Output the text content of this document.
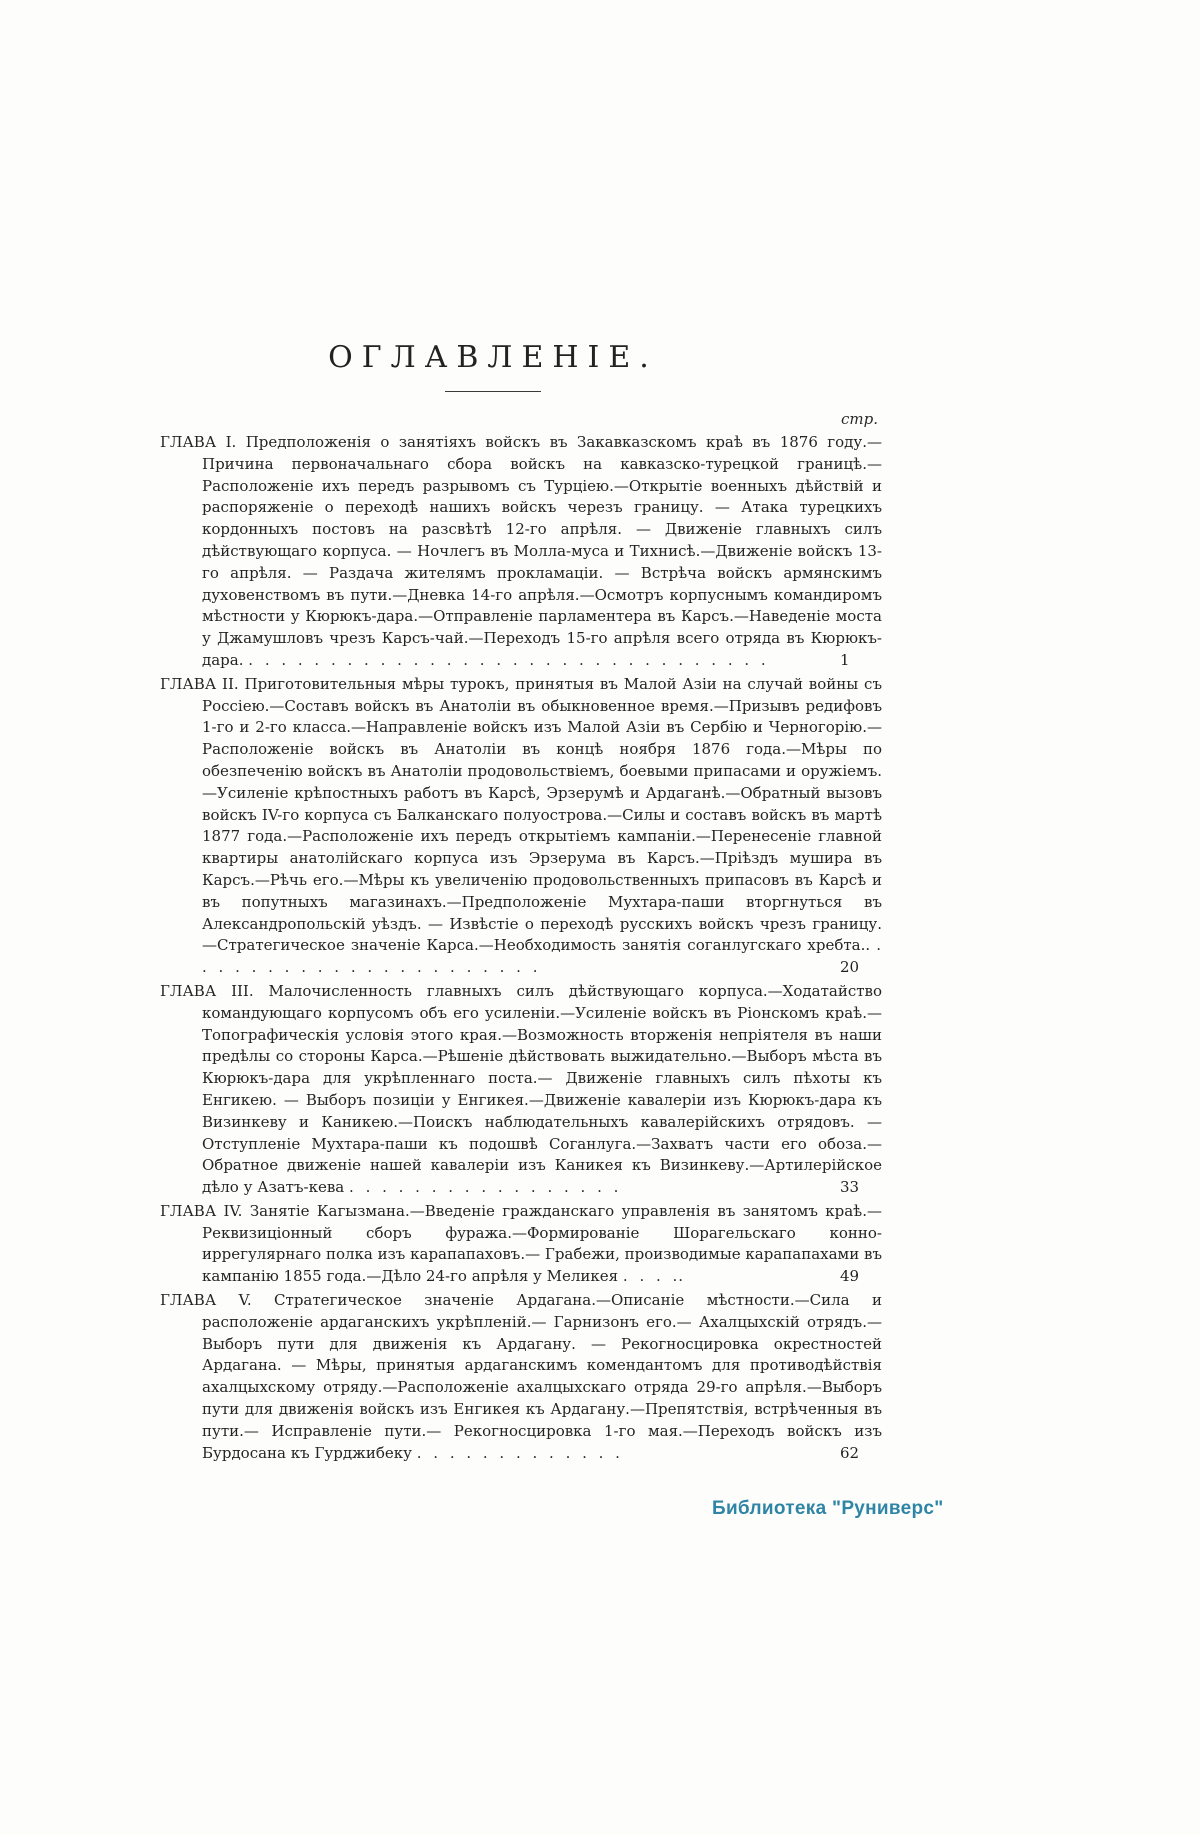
ОГЛАВЛЕНІЕ.
стр.

ГЛАВА I. Предположенія о занятіяхъ войскъ въ Закавказскомъ краѣ въ 1876 году.—Причина первоначальнаго сбора войскъ на кавказско-турецкой границѣ.—Расположеніе ихъ передъ разрывомъ съ Турціею.—Открытіе военныхъ дѣйствій и распоряженіе о переходѣ нашихъ войскъ черезъ границу. — Атака турецкихъ кордонныхъ постовъ на разсвѣтѣ 12-го апрѣля. — Движеніе главныхъ силъ дѣйствующаго корпуса. — Ночлегъ въ Молла-муса и Тихнисѣ.—Движеніе войскъ 13-го апрѣля. — Раздача жителямъ прокламаціи. — Встрѣча войскъ армянскимъ духовенствомъ въ пути.—Дневка 14-го апрѣля.—Осмотръ корпуснымъ командиромъ мѣстности у Кюрюкъ-дара.—Отправленіе парламентера въ Карсъ.—Наведеніе моста у Джамушловъ чрезъ Карсъ-чай.—Переходъ 15-го апрѣля всего отряда въ Кюрюкъ-дара. . . . . . . . . . . . . . . . . . . . . . . . . . . . . . . . .	1

ГЛАВА II. Приготовительныя мѣры турокъ, принятыя въ Малой Азіи на случай войны съ Россіею.—Составъ войскъ въ Анатоліи въ обыкновенное время.—Призывъ редифовъ 1-го и 2-го класса.—Направленіе войскъ изъ Малой Азіи въ Сербію и Черногорію.—Расположеніе войскъ въ Анатоліи въ концѣ ноября 1876 года.—Мѣры по обезпеченію войскъ въ Анатоліи продовольствіемъ, боевыми припасами и оружіемъ.—Усиленіе крѣпостныхъ работъ въ Карсѣ, Эрзерумѣ и Ардаганѣ.—Обратный вызовъ войскъ IV-го корпуса съ Балканскаго полуострова.—Силы и составъ войскъ въ мартѣ 1877 года.—Расположеніе ихъ передъ открытіемъ кампаніи.—Перенесеніе главной квартиры анатолійскаго корпуса изъ Эрзерума въ Карсъ.—Пріѣздъ мушира въ Карсъ.—Рѣчь его.—Мѣры къ увеличенію продовольственныхъ припасовъ въ Карсѣ и въ попутныхъ магазинахъ.—Предположеніе Мухтара-паши вторгнуться въ Александропольскій уѣздъ. — Извѣстіе о переходѣ русскихъ войскъ чрезъ границу.—Стратегическое значеніе Карса.—Необходимость занятія соганлугскаго хребта.. . . . . . . . . . . . . . . . . . . . . . .	20

ГЛАВА III. Малочисленность главныхъ силъ дѣйствующаго корпуса.—Ходатайство командующаго корпусомъ объ его усиленіи.—Усиленіе войскъ въ Ріонскомъ краѣ.—Топографическія условія этого края.—Возможность вторженія непріятеля въ наши предѣлы со стороны Карса.—Рѣшеніе дѣйствовать выжидательно.—Выборъ мѣста въ Кюрюкъ-дара для укрѣпленнаго поста.— Движеніе главныхъ силъ пѣхоты къ Енгикею. — Выборъ позиціи у Енгикея.—Движеніе кавалеріи изъ Кюрюкъ-дара къ Визинкеву и Каникею.—Поискъ наблюдательныхъ кавалерійскихъ отрядовъ. — Отступленіе Мухтара-паши къ подошвѣ Соганлуга.—Захватъ части его обоза.—Обратное движеніе нашей кавалеріи изъ Каникея къ Визинкеву.—Артилерійское дѣло у Азатъ-кева . . . . . . . . . . . . . . . . .	33

ГЛАВА IV. Занятіе Кагызмана.—Введеніе гражданскаго управленія въ занятомъ краѣ.—Реквизиціонный сборъ фуража.—Формированіе Шорагельскаго конно-иррегулярнаго полка изъ карапапаховъ.— Грабежи, производимые карапапахами въ кампанію 1855 года.—Дѣло 24-го апрѣля у Меликея . . . ..	49

ГЛАВА V. Стратегическое значеніе Ардагана.—Описаніе мѣстности.—Сила и расположеніе ардаганскихъ укрѣпленій.— Гарнизонъ его.— Ахалцыхскій отрядъ.— Выборъ пути для движенія къ Ардагану. — Рекогносцировка окрестностей Ардагана. — Мѣры, принятыя ардаганскимъ комендантомъ для противодѣйствія ахалцыхскому отряду.—Расположеніе ахалцыхскаго отряда 29-го апрѣля.—Выборъ пути для движенія войскъ изъ Енгикея къ Ардагану.—Препятствія, встрѣченныя въ пути.— Исправленіе пути.— Рекогносцировка 1-го мая.—Переходъ войскъ изъ Бурдосана къ Гурджибеку . . . . . . . . . . . . .	62

Библиотека "Руниверс"
